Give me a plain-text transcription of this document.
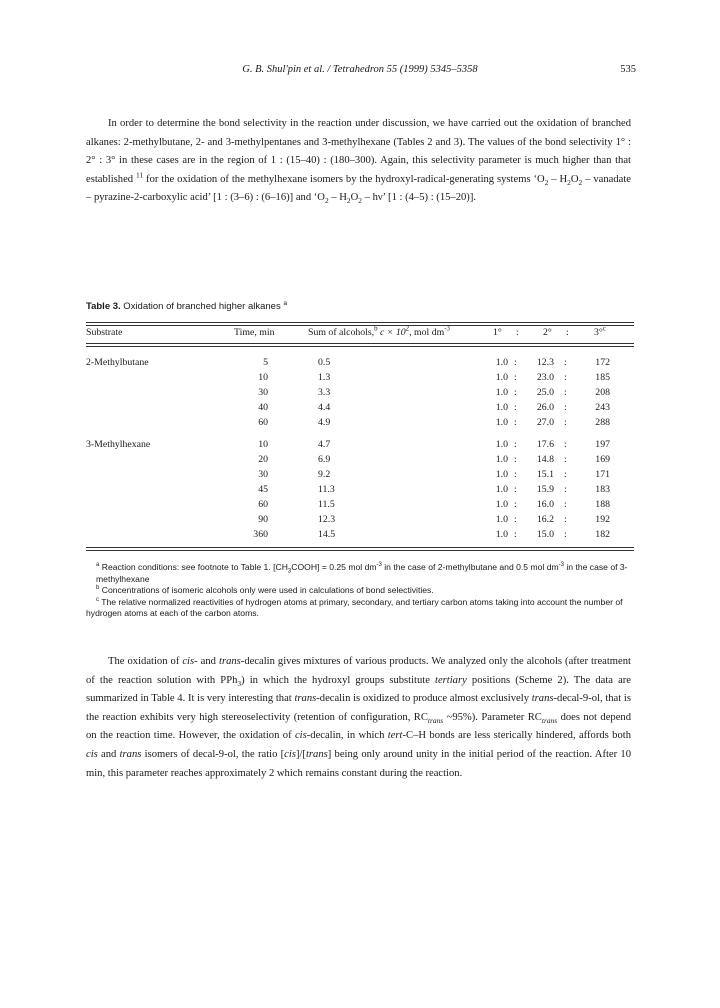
G. B. Shul'pin et al. / Tetrahedron 55 (1999) 5345–5358	535

In order to determine the bond selectivity in the reaction under discussion, we have carried out the oxidation of branched alkanes: 2-methylbutane, 2- and 3-methylpentanes and 3-methylhexane (Tables 2 and 3). The values of the bond selectivity 1° : 2° : 3° in these cases are in the region of 1 : (15–40) : (180–300). Again, this selectivity parameter is much higher than that established $^{11}$ for the oxidation of the methylhexane isomers by the hydroxyl-radical-generating systems ‘$O_2 - H_2O_2$ – vanadate – pyrazine-2-carboxylic acid’ [1 : (3–6) : (6–16)] and ‘$O_2 - H_2O_2$ – hν’ [1 : (4–5) : (15–20)].

Table 3. Oxidation of branched higher alkanes $^a$
Substrate	Time, min	Sum of alcohols,$^b$ $c \times 10^2$, mol $dm^{-3}$	1° : 2° :	3°$^c$
2-Methylbutane	5	0.5	1.0 :	12.3 :	172
10	1.3	1.0 :	23.0 :	185
30	3.3	1.0 :	25.0 :	208
40	4.4	1.0 :	26.0 :	243
60	4.9	1.0 :	27.0 :	288
3-Methylhexane	10	4.7	1.0 :	17.6 :	197
20	6.9	1.0 :	14.8 :	169
30	9.2	1.0 :	15.1 :	171
45	11.3	1.0 :	15.9 :	183
60	11.5	1.0 :	16.0 :	188
90	12.3	1.0 :	16.2 :	192
360	14.5	1.0 :	15.0 :	182
$^a$ Reaction conditions: see footnote to Table 1. $[CH_3COOH] = 0.25$ mol $dm^{-3}$ in the case of 2-methylbutane and 0.5 mol $dm^{-3}$ in the case of 3-methylhexane
$^b$ Concentrations of isomeric alcohols only were used in calculations of bond selectivities.
$^c$ The relative normalized reactivities of hydrogen atoms at primary, secondary, and tertiary carbon atoms taking into account the number of hydrogen atoms at each of the carbon atoms.

The oxidation of cis- and trans-decalin gives mixtures of various products. We analyzed only the alcohols (after treatment of the reaction solution with PPh$_3$) in which the hydroxyl groups substitute tertiary positions (Scheme 2). The data are summarized in Table 4. It is very interesting that trans-decalin is oxidized to produce almost exclusively trans-decal-9-ol, that is the reaction exhibits very high stereoselectivity (retention of configuration, $RC_{trans}$ ~95%). Parameter $RC_{trans}$ does not depend on the reaction time. However, the oxidation of cis-decalin, in which tert-C–H bonds are less sterically hindered, affords both cis and trans isomers of decal-9-ol, the ratio [cis]/[trans] being only around unity in the initial period of the reaction. After 10 min, this parameter reaches approximately 2 which remains constant during the reaction.
